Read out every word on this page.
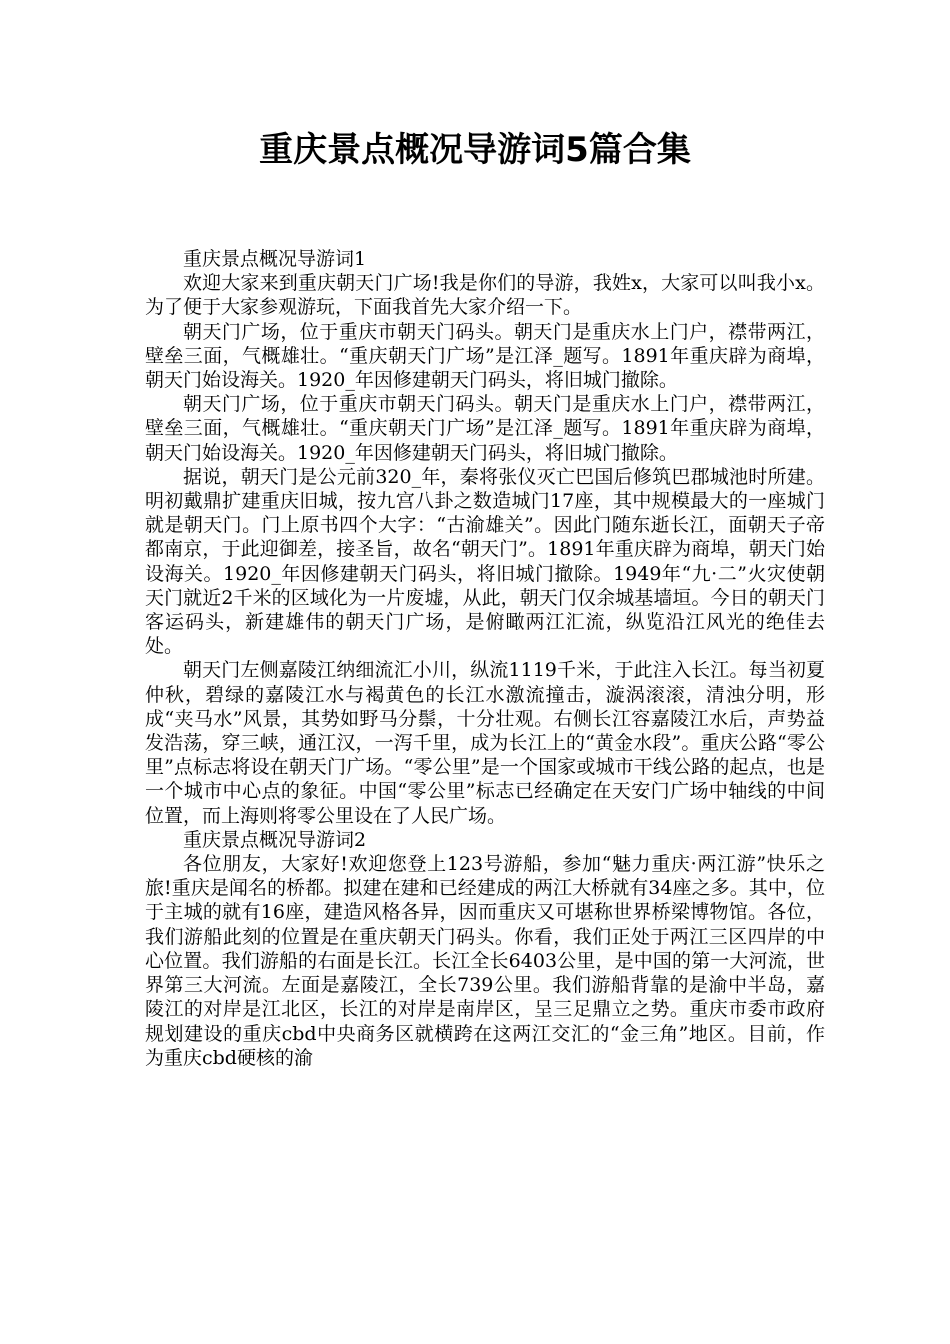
重庆景点概况导游词5篇合集

重庆景点概况导游词1

欢迎大家来到重庆朝天门广场!我是你们的导游，我姓x，大家可以叫我小x。为了便于大家参观游玩，下面我首先大家介绍一下。

朝天门广场，位于重庆市朝天门码头。朝天门是重庆水上门户，襟带两江，壁垒三面，气概雄壮。“重庆朝天门广场”是江泽_题写。1891年重庆辟为商埠，朝天门始设海关。1920_年因修建朝天门码头，将旧城门撤除。

朝天门广场，位于重庆市朝天门码头。朝天门是重庆水上门户，襟带两江，壁垒三面，气概雄壮。“重庆朝天门广场”是江泽_题写。1891年重庆辟为商埠，朝天门始设海关。1920_年因修建朝天门码头，将旧城门撤除。

据说，朝天门是公元前320_年，秦将张仪灭亡巴国后修筑巴郡城池时所建。明初戴鼎扩建重庆旧城，按九宫八卦之数造城门17座，其中规模最大的一座城门就是朝天门。门上原书四个大字：“古渝雄关”。因此门随东逝长江，面朝天子帝都南京，于此迎御差，接圣旨，故名“朝天门”。1891年重庆辟为商埠，朝天门始设海关。1920_年因修建朝天门码头，将旧城门撤除。1949年“九·二”火灾使朝天门就近2千米的区域化为一片废墟，从此，朝天门仅余城基墙垣。今日的朝天门客运码头，新建雄伟的朝天门广场，是俯瞰两江汇流，纵览沿江风光的绝佳去处。

朝天门左侧嘉陵江纳细流汇小川，纵流1119千米，于此注入长江。每当初夏仲秋，碧绿的嘉陵江水与褐黄色的长江水激流撞击，漩涡滚滚，清浊分明，形成“夹马水”风景，其势如野马分鬃，十分壮观。右侧长江容嘉陵江水后，声势益发浩荡，穿三峡，通江汉，一泻千里，成为长江上的“黄金水段”。重庆公路“零公里”点标志将设在朝天门广场。“零公里”是一个国家或城市干线公路的起点，也是一个城市中心点的象征。中国“零公里”标志已经确定在天安门广场中轴线的中间位置，而上海则将零公里设在了人民广场。

重庆景点概况导游词2

各位朋友，大家好!欢迎您登上123号游船，参加“魅力重庆·两江游”快乐之旅!重庆是闻名的桥都。拟建在建和已经建成的两江大桥就有34座之多。其中，位于主城的就有16座，建造风格各异，因而重庆又可堪称世界桥梁博物馆。各位，我们游船此刻的位置是在重庆朝天门码头。你看，我们正处于两江三区四岸的中心位置。我们游船的右面是长江。长江全长6403公里，是中国的第一大河流，世界第三大河流。左面是嘉陵江，全长739公里。我们游船背靠的是渝中半岛，嘉陵江的对岸是江北区，长江的对岸是南岸区，呈三足鼎立之势。重庆市委市政府规划建设的重庆cbd中央商务区就横跨在这两江交汇的“金三角”地区。目前，作为重庆cbd硬核的渝
